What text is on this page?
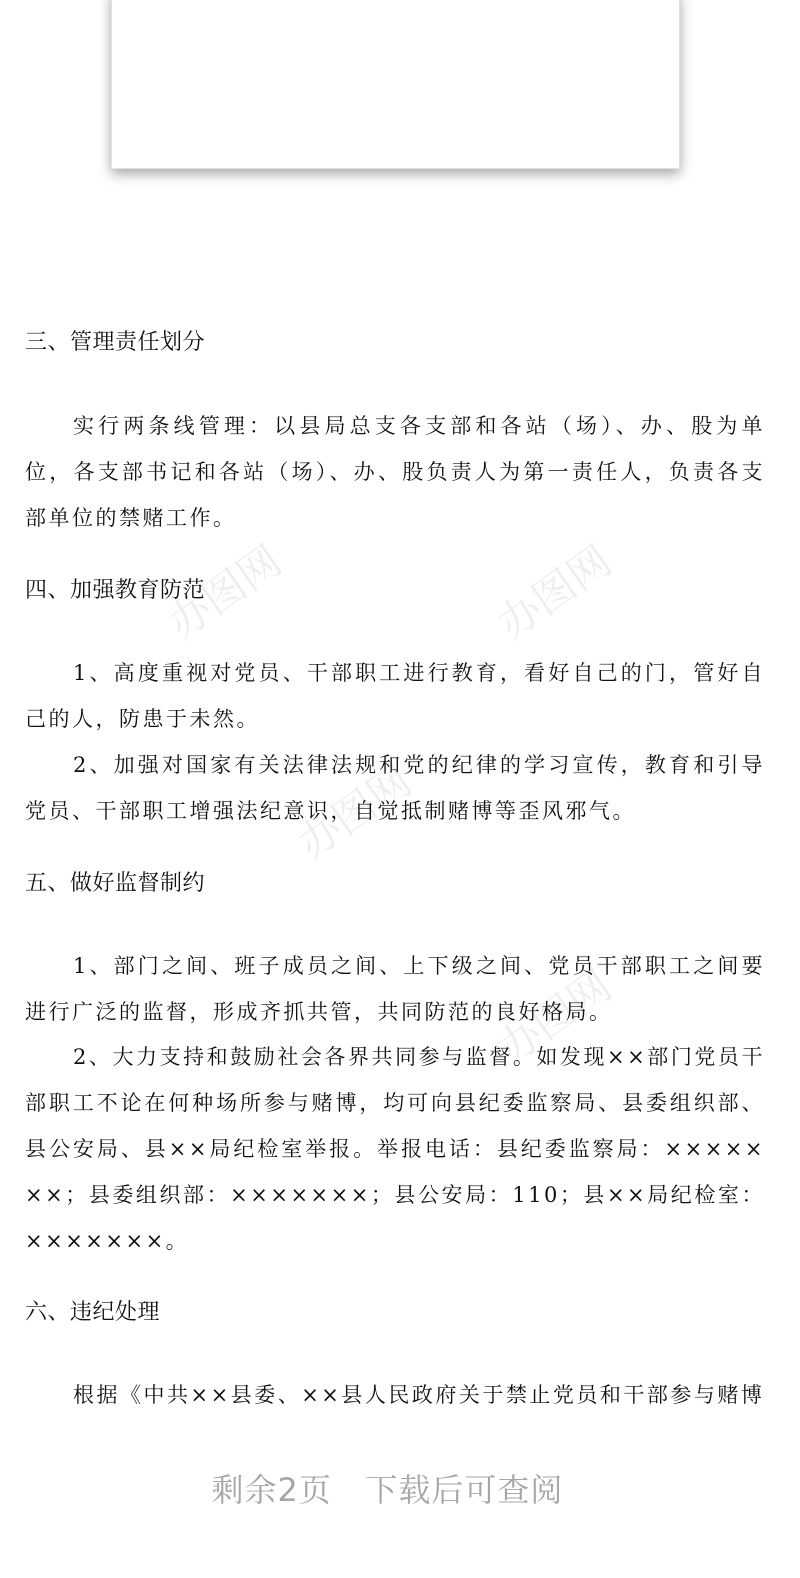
办图网	办图网
办图网
办图网
三、管理责任划分
实行两条线管理：以县局总支各支部和各站（场）、办、股为单位，各支部书记和各站（场）、办、股负责人为第一责任人，负责各支部单位的禁赌工作。
四、加强教育防范
1、高度重视对党员、干部职工进行教育，看好自己的门，管好自己的人，防患于未然。
2、加强对国家有关法律法规和党的纪律的学习宣传，教育和引导党员、干部职工增强法纪意识，自觉抵制赌博等歪风邪气。
五、做好监督制约
1、部门之间、班子成员之间、上下级之间、党员干部职工之间要进行广泛的监督，形成齐抓共管，共同防范的良好格局。
2、大力支持和鼓励社会各界共同参与监督。如发现××部门党员干部职工不论在何种场所参与赌博，均可向县纪委监察局、县委组织部、县公安局、县××局纪检室举报。举报电话：县纪委监察局：×××××××；县委组织部：×××××××；县公安局：110；县××局纪检室：×××××××。
六、违纪处理
根据《中共××县委、××县人民政府关于禁止党员和干部参与赌博
剩余2页   下载后可查阅
